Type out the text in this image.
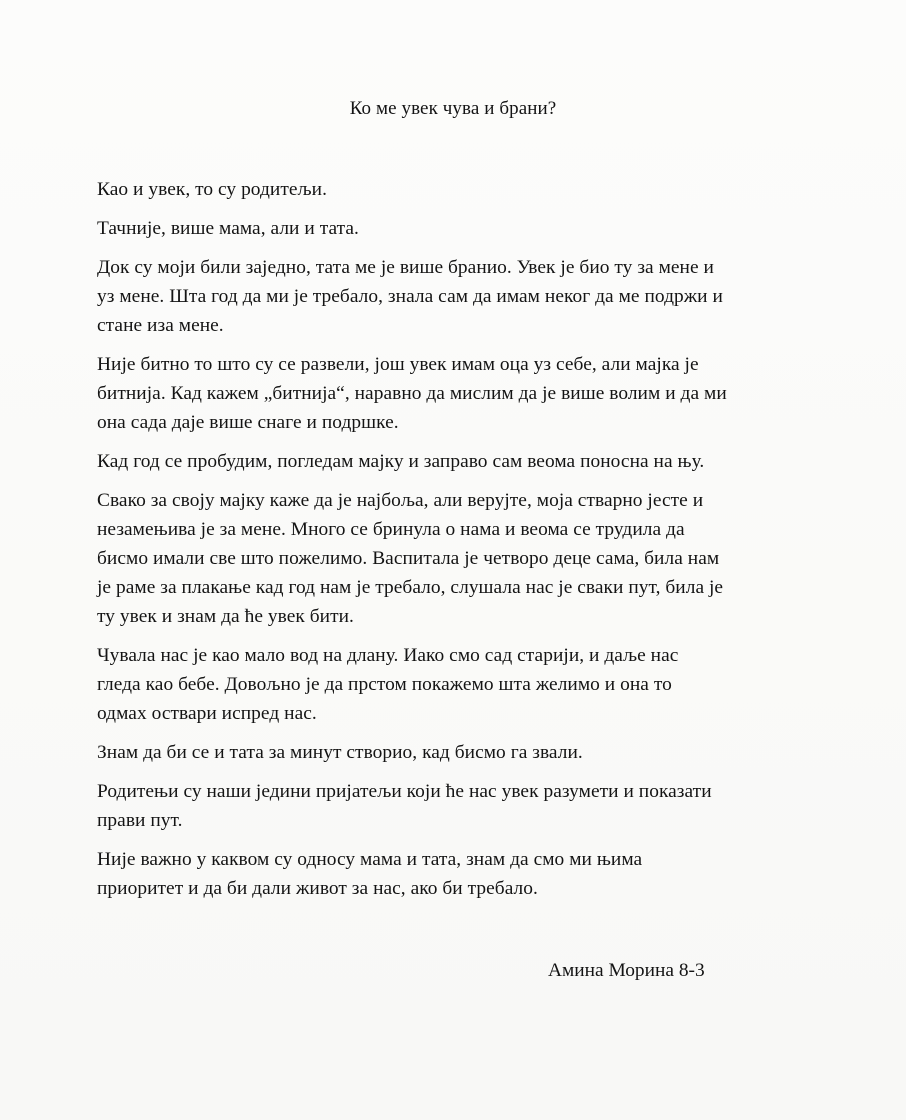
Ко ме увек чува и брани?

Као и увек, то су родитељи.

Тачније, више мама, али и тата.

Док су моји били заједно, тата ме је више бранио. Увек је био ту за мене и
уз мене. Шта год да ми је требало, знала сам да имам неког да ме подржи и
стане иза мене.

Није битно то што су се развели, још увек имам оца уз себе, али мајка је
битнија. Кад кажем „битнија“, наравно да мислим да је више волим и да ми
она сада даје више снаге и подршке.

Кад год се пробудим, погледам мајку и заправо сам веома поносна на њу.

Свако за своју мајку каже да је најбоља, али верујте, моја стварно јесте и
незамењива је за мене. Много се бринула о нама и веома се трудила да
бисмо имали све што пожелимо. Васпитала је четворо деце сама, била нам
је раме за плакање кад год нам је требало, слушала нас је сваки пут, била је
ту увек и знам да ће увек бити.

Чувала нас је као мало вод на длану. Иако смо сад старији, и даље нас
гледа као бебе. Довољно је да прстом покажемо шта желимо и она то
одмах оствари испред нас.

Знам да би се и тата за минут створио, кад бисмо га звали.

Родитењи су наши једини пријатељи који ће нас увек разумети и показати
прави пут.

Није важно у каквом су односу мама и тата, знам да смо ми њима
приоритет и да би дали живот за нас, ако би требало.

Амина Морина 8-3
